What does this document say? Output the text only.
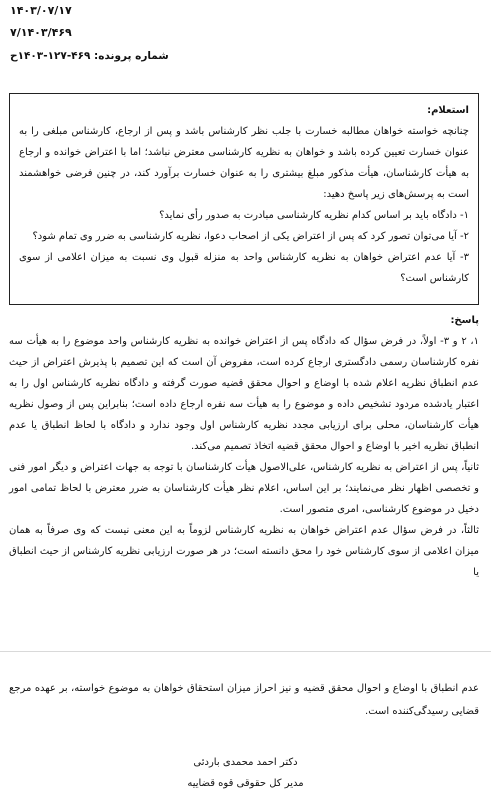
۱۴۰۳/۰۷/۱۷
۷/۱۴۰۳/۴۶۹
شماره پرونده: ۴۶۹-۱۲۷-۱۴۰۳ح
استعلام:
چنانچه خواسته خواهان مطالبه خسارت با جلب نظر کارشناس باشد و پس از ارجاع، کارشناس مبلغی را به عنوان خسارت تعیین کرده باشد و خواهان به نظریه کارشناسی معترض نباشد؛ اما با اعتراض خوانده و ارجاع به هیأت کارشناسان، هیأت مذکور مبلغ بیشتری را به عنوان خسارت برآورد کند، در چنین فرضی خواهشمند است به پرسش‌های زیر پاسخ دهید:
۱- دادگاه باید بر اساس کدام نظریه کارشناسی مبادرت به صدور رأی نماید؟
۲- آیا می‌توان تصور کرد که پس از اعتراض یکی از اصحاب دعوا، نظریه کارشناسی به ضرر وی تمام شود؟
۳- آیا عدم اعتراض خواهان به نظریه کارشناس واحد به منزله قبول وی نسبت به میزان اعلامی از سوی کارشناس است؟
پاسخ:
۱، ۲ و ۳- اولاً، در فرض سؤال که دادگاه پس از اعتراض خوانده به نظریه کارشناس واحد موضوع را به هیأت سه نفره کارشناسان رسمی دادگستری ارجاع کرده است، مفروض آن است که این تصمیم با پذیرش اعتراض از حیث عدم انطباق نظریه اعلام شده با اوضاع و احوال محقق قضیه صورت گرفته و دادگاه نظریه کارشناس اول را به اعتبار یادشده مردود تشخیص داده و موضوع را به هیأت سه نفره ارجاع داده است؛ بنابراین پس از وصول نظریه هیأت کارشناسان، محلی برای ارزیابی مجدد نظریه کارشناس اول وجود ندارد و دادگاه با لحاظ انطباق یا عدم انطباق نظریه اخیر با اوضاع و احوال محقق قضیه اتخاذ تصمیم می‌کند.
ثانیاً، پس از اعتراض به نظریه کارشناس، علی‌الاصول هیأت کارشناسان با توجه به جهات اعتراض و دیگر امور فنی و تخصصی اظهار نظر می‌نمایند؛ بر این اساس، اعلام نظر هیأت کارشناسان به ضرر معترض با لحاظ تمامی امور دخیل در موضوع کارشناسی، امری متصور است.
ثالثاً، در فرض سؤال عدم اعتراض خواهان به نظریه کارشناس لزوماً به این معنی نیست که وی صرفاً به همان میزان اعلامی از سوی کارشناس خود را محق دانسته است؛ در هر صورت ارزیابی نظریه کارشناس از حیث انطباق یا
عدم انطباق با اوضاع و احوال محقق قضیه و نیز احراز میزان استحقاق خواهان به موضوع خواسته، بر عهده مرجع قضایی رسیدگی‌کننده است.
دکتر احمد محمدی باردئی
مدیر کل حقوقی قوه قضاییه
